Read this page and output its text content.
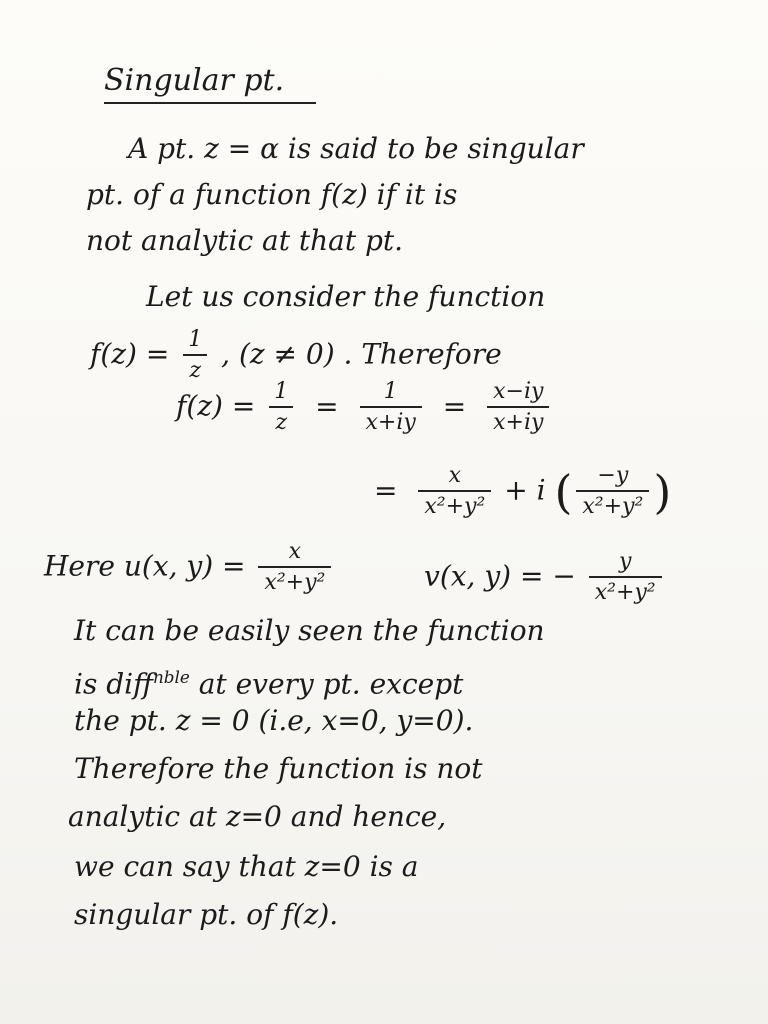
Singular pt.
A pt. z = α is said to be singular
pt. of a function f(z) if it is
not analytic at that pt.
Let us consider the function
$f(z) = \frac{1}{z}$ , (z ≠ 0) . Therefore
$f(z) = \frac{1}{z} = \frac{1}{x+iy} = \frac{x-iy}{x+iy}$
= $\frac{x}{\text{x²+y²}} + i$ ( $\frac{-y}{\text{x²+y²}}$ )
Here u(x, $y) = \frac{x}{\text{x²+y²}}$	v(x, y) = − $\frac{y}{\text{x²+y²}}$
It can be easily seen the function
is diff$^{nble}$ at every pt. except
the pt. z = 0 (i.e, x=0, y=0).
Therefore the function is not
analytic at z=0 and hence,
we can say that z=0 is a
singular pt. of f(z).
